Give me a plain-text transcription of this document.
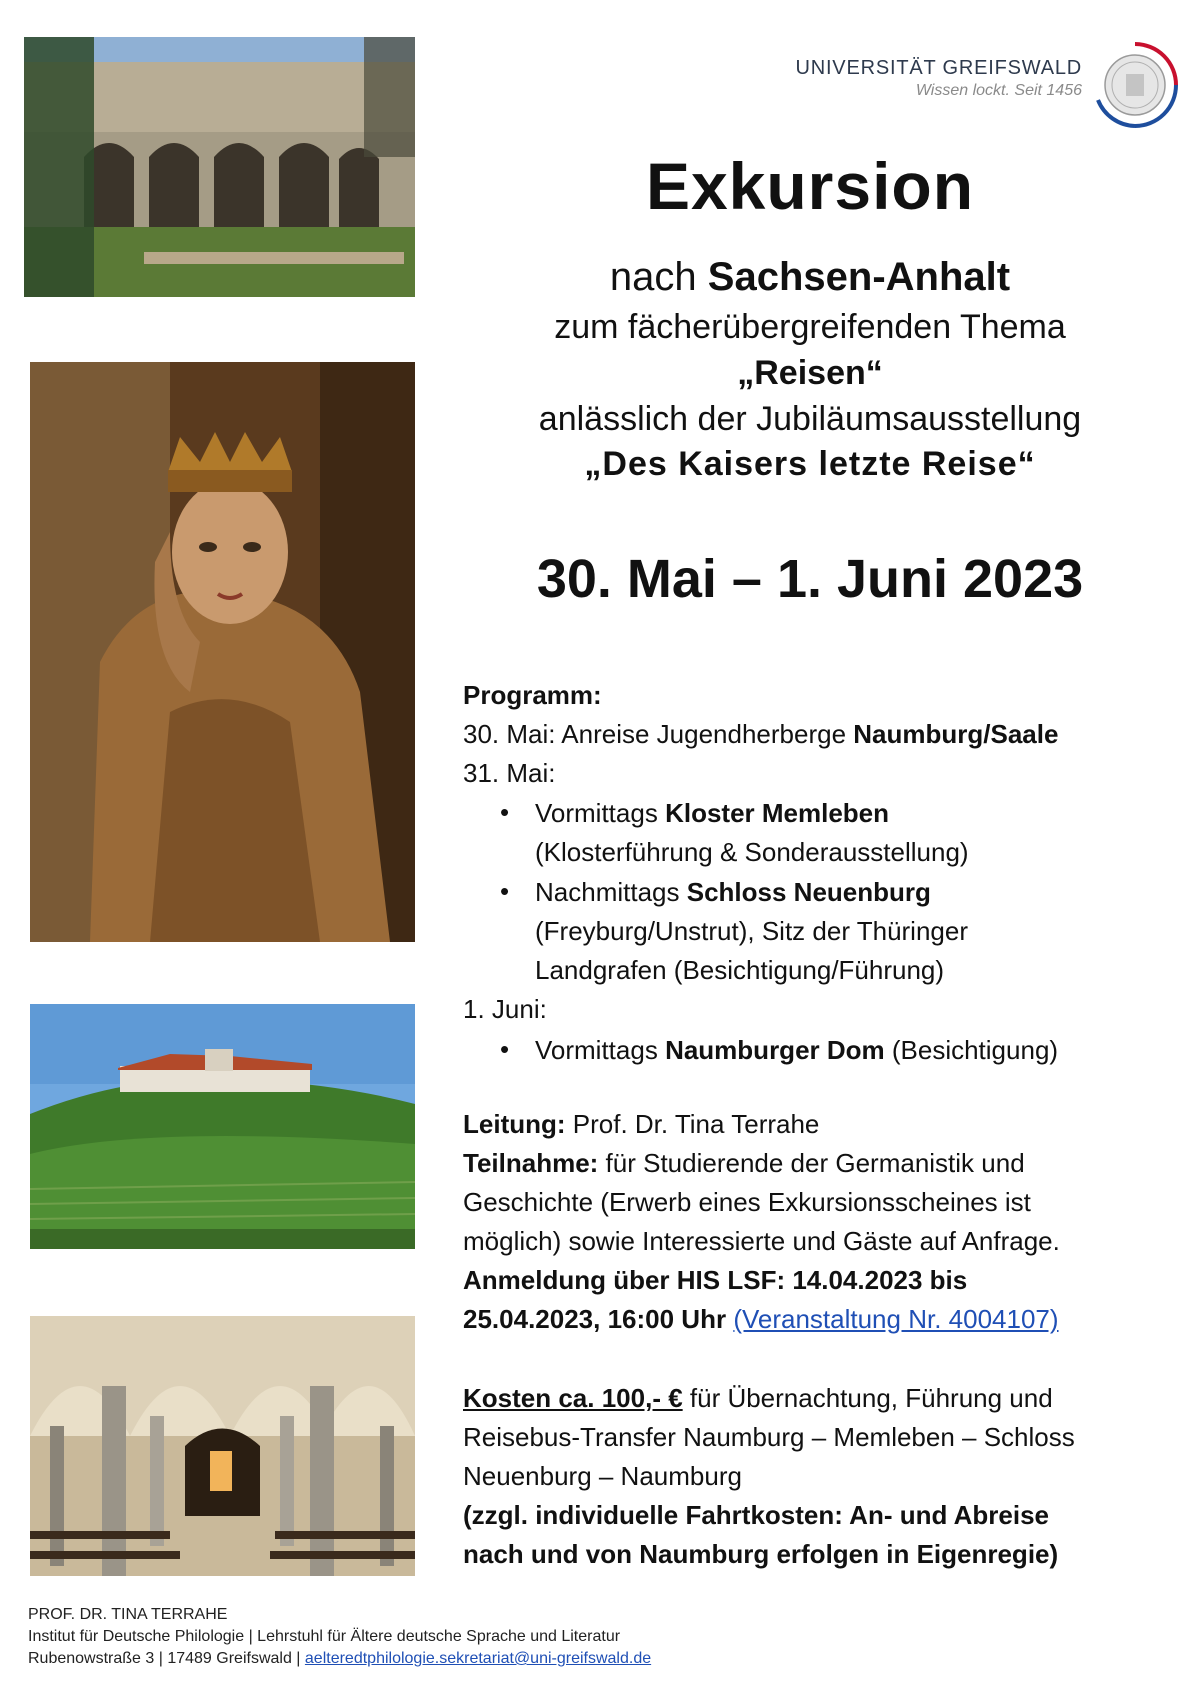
UNIVERSITÄT GREIFSWALD
Wissen lockt. Seit 1456
Exkursion
nach Sachsen-Anhalt
zum fächerübergreifenden Thema
„Reisen“
anlässlich der Jubiläumsausstellung
„Des Kaisers letzte Reise“
30. Mai – 1. Juni 2023
Programm:
30. Mai: Anreise Jugendherberge Naumburg/Saale
31. Mai:
• Vormittags Kloster Memleben
(Klosterführung & Sonderausstellung)
• Nachmittags Schloss Neuenburg
(Freyburg/Unstrut), Sitz der Thüringer
Landgrafen (Besichtigung/Führung)
1. Juni:
• Vormittags Naumburger Dom (Besichtigung)
Leitung: Prof. Dr. Tina Terrahe
Teilnahme: für Studierende der Germanistik und
Geschichte (Erwerb eines Exkursionsscheines ist
möglich) sowie Interessierte und Gäste auf Anfrage.
Anmeldung über HIS LSF: 14.04.2023 bis
25.04.2023, 16:00 Uhr (Veranstaltung Nr. 4004107)
Kosten ca. 100,- € für Übernachtung, Führung und
Reisebus-Transfer Naumburg – Memleben – Schloss
Neuenburg – Naumburg
(zzgl. individuelle Fahrtkosten: An- und Abreise
nach und von Naumburg erfolgen in Eigenregie)
PROF. DR. TINA TERRAHE
Institut für Deutsche Philologie | Lehrstuhl für Ältere deutsche Sprache und Literatur
Rubenowstraße 3 | 17489 Greifswald | aelteredtphilologie.sekretariat@uni-greifswald.de
